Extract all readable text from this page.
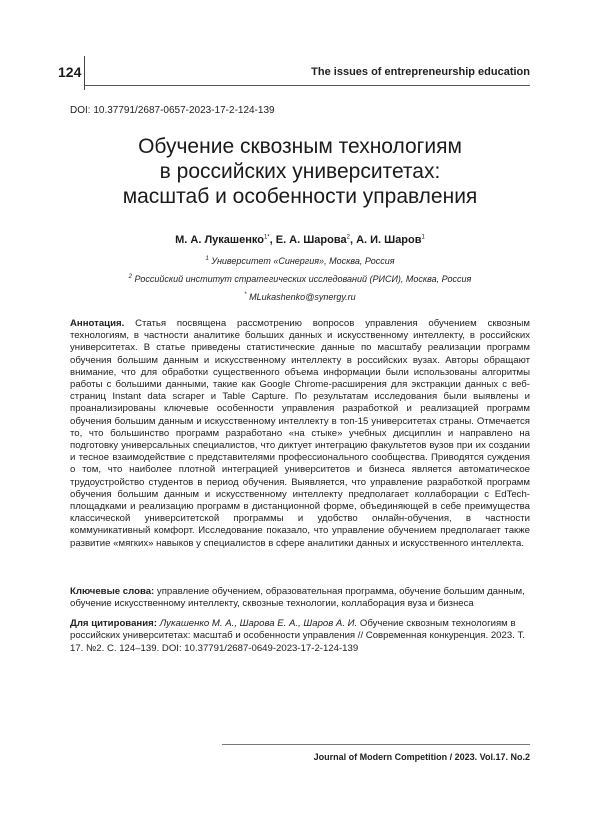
124	The issues of entrepreneurship education
DOI: 10.37791/2687-0657-2023-17-2-124-139
Обучение сквозным технологиям
в российских университетах:
масштаб и особенности управления
М. А. Лукашенко$^{1*}$, Е. А. Шарова$^2$, А. И. Шаров$^1$
$^1$ Университет «Синергия», Москва, Россия
$^2$ Российский институт стратегических исследований (РИСИ), Москва, Россия
* MLukashenko@synergy.ru
Аннотация. Статья посвящена рассмотрению вопросов управления обучением сквозным технологиям, в частности аналитике больших данных и искусственному интеллекту, в российских университетах. В статье приведены статистические данные по масштабу реализации программ обучения большим данным и искусственному интеллекту в российских вузах. Авторы обращают внимание, что для обработки существенного объема информации были использованы алгоритмы работы с большими данными, такие как Google Chrome-расширения для экстракции данных с веб-страниц Instant data scraper и Table Capture. По результатам исследования были выявлены и проанализированы ключевые особенности управления разработкой и реализацией программ обучения большим данным и искусственному интеллекту в топ-15 университетах страны. Отмечается то, что большинство программ разработано «на стыке» учебных дисциплин и направлено на подготовку универсальных специалистов, что диктует интеграцию факультетов вузов при их создании и тесное взаимодействие с представителями профессионального сообщества. Приводятся суждения о том, что наиболее плотной интеграцией университетов и бизнеса является автоматическое трудоустройство студентов в период обучения. Выявляется, что управление разработкой программ обучения большим данным и искусственному интеллекту предполагает коллаборации с EdTech-площадками и реализацию программ в дистанционной форме, объединяющей в себе преимущества классической университетской программы и удобство онлайн-обучения, в частности коммуникативный комфорт. Исследование показало, что управление обучением предполагает также развитие «мягких» навыков у специалистов в сфере аналитики данных и искусственного интеллекта.
Ключевые слова: управление обучением, образовательная программа, обучение большим данным, обучение искусственному интеллекту, сквозные технологии, коллаборация вуза и бизнеса
Для цитирования: Лукашенко М. А., Шарова Е. А., Шаров А. И. Обучение сквозным технологиям в российских университетах: масштаб и особенности управления // Современная конкуренция. 2023. Т. 17. №2. С. 124–139. DOI: 10.37791/2687-0649-2023-17-2-124-139
Journal of Modern Competition / 2023. Vol.17. No.2
